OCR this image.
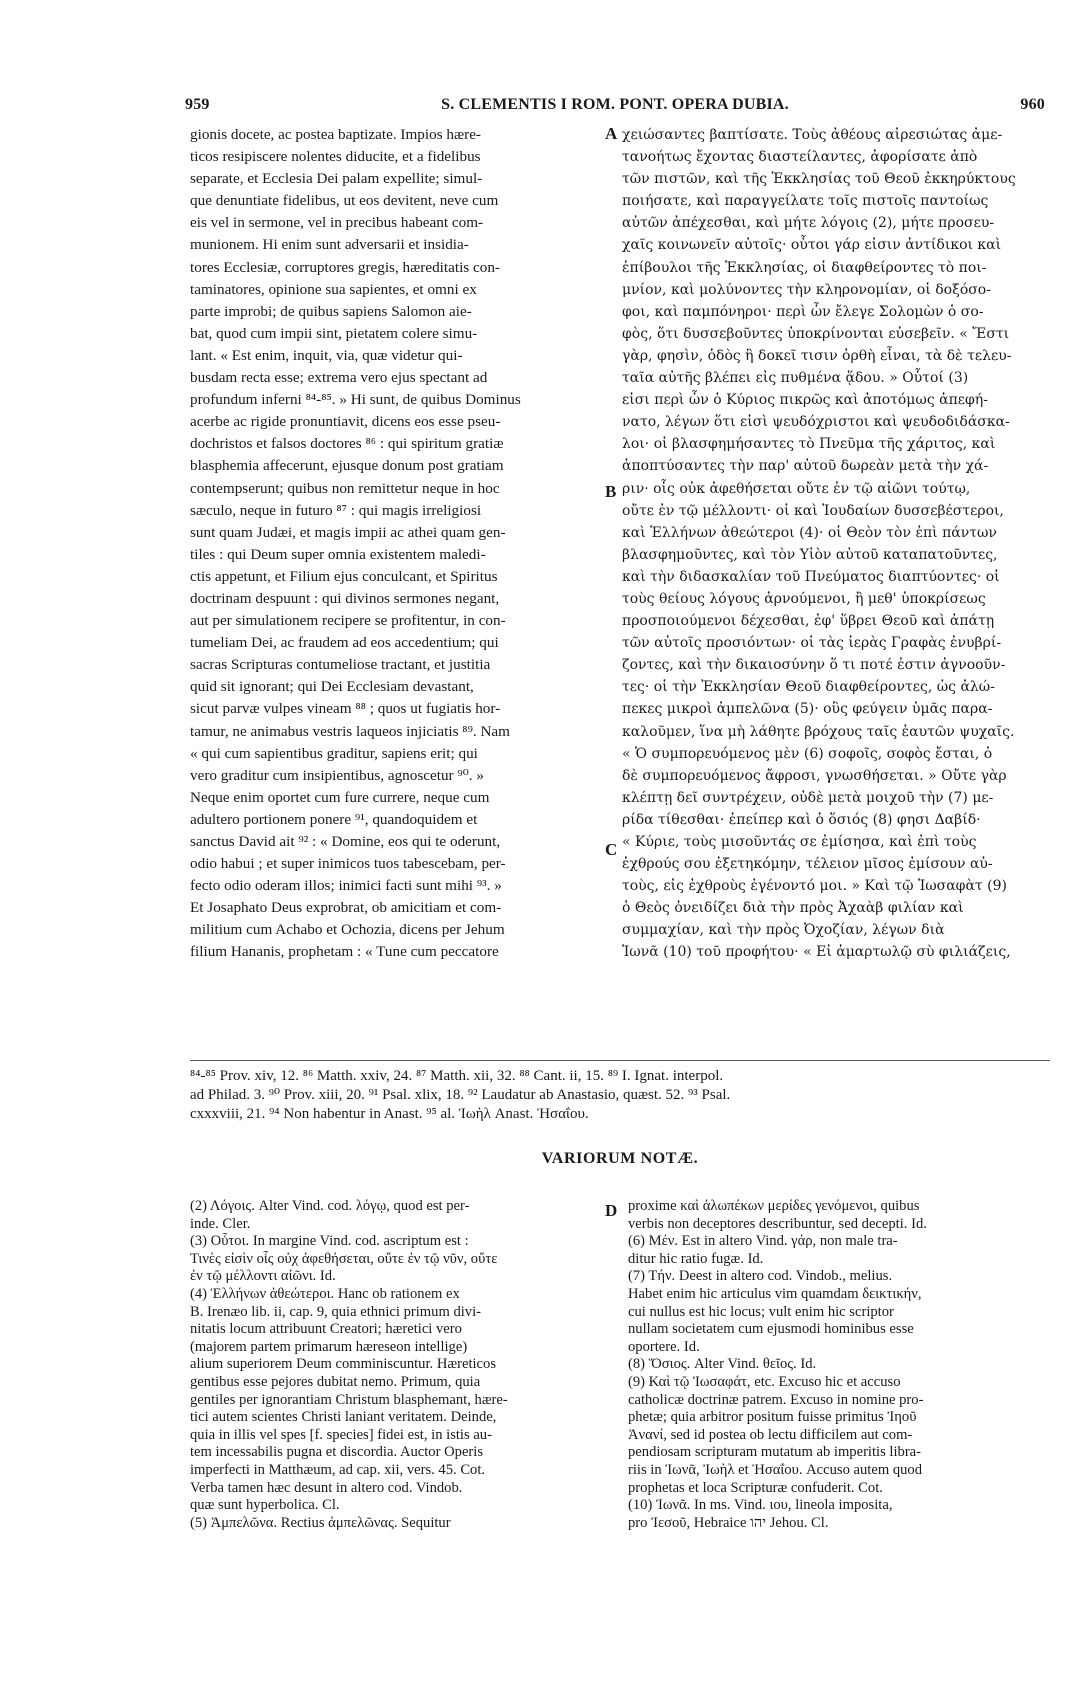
959	S. CLEMENTIS I ROM. PONT. OPERA DUBIA.	960
gionis docete, ac postea baptizate. Impios hære-
ticos resipiscere nolentes diducite, et a fidelibus
separate, et Ecclesia Dei palam expellite; simul-
que denuntiate fidelibus, ut eos devitent, neve cum
eis vel in sermone, vel in precibus habeant com-
munionem. Hi enim sunt adversarii et insidia-
tores Ecclesiæ, corruptores gregis, hæreditatis con-
taminatores, opinione sua sapientes, et omni ex
parte improbi; de quibus sapiens Salomon aie-
bat, quod cum impii sint, pietatem colere simu-
lant. « Est enim, inquit, via, quæ videtur qui-
busdam recta esse; extrema vero ejus spectant ad
profundum inferni ⁸⁴-⁸⁵. » Hi sunt, de quibus Dominus
acerbe ac rigide pronuntiavit, dicens eos esse pseu-
dochristos et falsos doctores ⁸⁶ : qui spiritum gratiæ
blasphemia affecerunt, ejusque donum post gratiam
contempserunt; quibus non remittetur neque in hoc
sæculo, neque in futuro ⁸⁷ : qui magis irreligiosi
sunt quam Judæi, et magis impii ac athei quam gen-
tiles : qui Deum super omnia existentem maledi-
ctis appetunt, et Filium ejus conculcant, et Spiritus
doctrinam despuunt : qui divinos sermones negant,
aut per simulationem recipere se profitentur, in con-
tumeliam Dei, ac fraudem ad eos accedentium; qui
sacras Scripturas contumeliose tractant, et justitia
quid sit ignorant; qui Dei Ecclesiam devastant,
sicut parvæ vulpes vineam ⁸⁸ ; quos ut fugiatis hor-
tamur, ne animabus vestris laqueos injiciatis ⁸⁹. Nam
« qui cum sapientibus graditur, sapiens erit; qui
vero graditur cum insipientibus, agnoscetur ⁹⁰. »
Neque enim oportet cum fure currere, neque cum
adultero portionem ponere ⁹¹, quandoquidem et
sanctus David ait ⁹² : « Domine, eos qui te oderunt,
odio habui ; et super inimicos tuos tabescebam, per-
fecto odio oderam illos; inimici facti sunt mihi ⁹³. »
Et Josaphato Deus exprobrat, ob amicitiam et com-
militium cum Achabo et Ochozia, dicens per Jehum
filium Hananis, prophetam : « Tune cum peccatore
χειώσαντες βαπτίσατε. Τοὺς ἀθέους αἱρεσιώτας ἀμε-
τανοήτως ἔχοντας διαστείλαντες, ἀφορίσατε ἀπὸ
τῶν πιστῶν, καὶ τῆς Ἐκκλησίας τοῦ Θεοῦ ἐκκηρύκτους
ποιήσατε, καὶ παραγγείλατε τοῖς πιστοῖς παντοίως
αὐτῶν ἀπέχεσθαι, καὶ μήτε λόγοις (2), μήτε προσευ-
χαῖς κοινωνεῖν αὐτοῖς· οὗτοι γάρ εἰσιν ἀντίδικοι καὶ
ἐπίβουλοι τῆς Ἐκκλησίας, οἱ διαφθείροντες τὸ ποι-
μνίον, καὶ μολύνοντες τὴν κληρονομίαν, οἱ δοξόσο-
φοι, καὶ παμπόνηροι· περὶ ὧν ἔλεγε Σολομὼν ὁ σο-
φὸς, ὅτι δυσσεβοῦντες ὑποκρίνονται εὐσεβεῖν. « Ἔστι
γὰρ, φησὶν, ὁδὸς ἣ δοκεῖ τισιν ὀρθὴ εἶναι, τὰ δὲ τελευ-
ταῖα αὐτῆς βλέπει εἰς πυθμένα ᾅδου. » Οὗτοί (3)
εἰσι περὶ ὧν ὁ Κύριος πικρῶς καὶ ἀποτόμως ἀπεφή-
νατο, λέγων ὅτι εἰσὶ ψευδόχριστοι καὶ ψευδοδιδάσκα-
λοι· οἱ βλασφημήσαντες τὸ Πνεῦμα τῆς χάριτος, καὶ
ἀποπτύσαντες τὴν παρ' αὐτοῦ δωρεὰν μετὰ τὴν χά-
ριν· οἷς οὐκ ἀφεθήσεται οὔτε ἐν τῷ αἰῶνι τούτῳ,
οὔτε ἐν τῷ μέλλοντι· οἱ καὶ Ἰουδαίων δυσσεβέστεροι,
καὶ Ἑλλήνων ἀθεώτεροι (4)· οἱ Θεὸν τὸν ἐπὶ πάντων
βλασφημοῦντες, καὶ τὸν Υἱὸν αὐτοῦ καταπατοῦντες,
καὶ τὴν διδασκαλίαν τοῦ Πνεύματος διαπτύοντες· οἱ
τοὺς θείους λόγους ἀρνούμενοι, ἢ μεθ' ὑποκρίσεως
προσποιούμενοι δέχεσθαι, ἐφ' ὕβρει Θεοῦ καὶ ἀπάτῃ
τῶν αὐτοῖς προσιόντων· οἱ τὰς ἱερὰς Γραφὰς ἐνυβρί-
ζοντες, καὶ τὴν δικαιοσύνην ὅ τι ποτέ ἐστιν ἀγνοοῦν-
τες· οἱ τὴν Ἐκκλησίαν Θεοῦ διαφθείροντες, ὡς ἀλώ-
πεκες μικροὶ ἀμπελῶνα (5)· οὓς φεύγειν ὑμᾶς παρα-
καλοῦμεν, ἵνα μὴ λάθητε βρόχους ταῖς ἑαυτῶν ψυχαῖς.
« Ὁ συμπορευόμενος μὲν (6) σοφοῖς, σοφὸς ἔσται, ὁ
δὲ συμπορευόμενος ἄφροσι, γνωσθήσεται. » Οὔτε γὰρ
κλέπτῃ δεῖ συντρέχειν, οὐδὲ μετὰ μοιχοῦ τὴν (7) με-
ρίδα τίθεσθαι· ἐπείπερ καὶ ὁ ὅσιός (8) φησι Δαβίδ·
« Κύριε, τοὺς μισοῦντάς σε ἐμίσησα, καὶ ἐπὶ τοὺς
ἐχθρούς σου ἐξετηκόμην, τέλειον μῖσος ἐμίσουν αὐ-
τοὺς, εἰς ἐχθροὺς ἐγένοντό μοι. » Καὶ τῷ Ἰωσαφὰτ (9)
ὁ Θεὸς ὀνειδίζει διὰ τὴν πρὸς Ἀχαὰβ φιλίαν καὶ
συμμαχίαν, καὶ τὴν πρὸς Ὀχοζίαν, λέγων διὰ
Ἰωνᾶ (10) τοῦ προφήτου· « Εἰ ἁμαρτωλῷ σὺ φιλιάζεις,
A
B
C
D
⁸⁴-⁸⁵ Prov. xiv, 12. ⁸⁶ Matth. xxiv, 24. ⁸⁷ Matth. xii, 32. ⁸⁸ Cant. ii, 15. ⁸⁹ I. Ignat. interpol.
ad Philad. 3. ⁹⁰ Prov. xiii, 20. ⁹¹ Psal. xlix, 18. ⁹² Laudatur ab Anastasio, quæst. 52. ⁹³ Psal.
cxxxviii, 21. ⁹⁴ Non habentur in Anast. ⁹⁵ al. Ἰωὴλ Anast. Ἡσαΐου.
VARIORUM NOTÆ.
(2) Λόγοις. Alter Vind. cod. λόγῳ, quod est per-
inde. Cler.
(3) Οὗτοι. In margine Vind. cod. ascriptum est :
Τινὲς εἰσὶν οἷς οὐχ ἀφεθήσεται, οὔτε ἐν τῷ νῦν, οὔτε
ἐν τῷ μέλλοντι αἰῶνι. Id.
(4) Ἑλλήνων ἀθεώτεροι. Hanc ob rationem ex
B. Irenæo lib. ii, cap. 9, quia ethnici primum divi-
nitatis locum attribuunt Creatori; hæretici vero
(majorem partem primarum hæreseon intellige)
alium superiorem Deum comminiscuntur. Hæreticos
gentibus esse pejores dubitat nemo. Primum, quia
gentiles per ignorantiam Christum blasphemant, hære-
tici autem scientes Christi laniant veritatem. Deinde,
quia in illis vel spes [f. species] fidei est, in istis au-
tem incessabilis pugna et discordia. Auctor Operis
imperfecti in Matthæum, ad cap. xii, vers. 45. Cot.
Verba tamen hæc desunt in altero cod. Vindob.
quæ sunt hyperbolica. Cl.
(5) Ἀμπελῶνα. Rectius ἀμπελῶνας. Sequitur
proxime καὶ ἀλωπέκων μερίδες γενόμενοι, quibus
verbis non deceptores describuntur, sed decepti. Id.
(6) Μέν. Est in altero Vind. γάρ, non male tra-
ditur hic ratio fugæ. Id.
(7) Τήν. Deest in altero cod. Vindob., melius.
Habet enim hic articulus vim quamdam δεικτικήν,
cui nullus est hic locus; vult enim hic scriptor
nullam societatem cum ejusmodi hominibus esse
oportere. Id.
(8) Ὅσιος. Alter Vind. θεῖος. Id.
(9) Καὶ τῷ Ἰωσαφάτ, etc. Excuso hic et accuso
catholicæ doctrinæ patrem. Excuso in nomine pro-
phetæ; quia arbitror positum fuisse primitus Ἰηοῦ
Ἀνανί, sed id postea ob lectu difficilem aut com-
pendiosam scripturam mutatum ab imperitis libra-
riis in Ἰωνᾶ, Ἰωὴλ et Ἡσαΐου. Accuso autem quod
prophetas et loca Scripturæ confuderit. Cot.
(10) Ἰωνᾶ. In ms. Vind. ιου, lineola imposita,
pro Ἰεσοῦ, Hebraice יהו Jehou. Cl.
